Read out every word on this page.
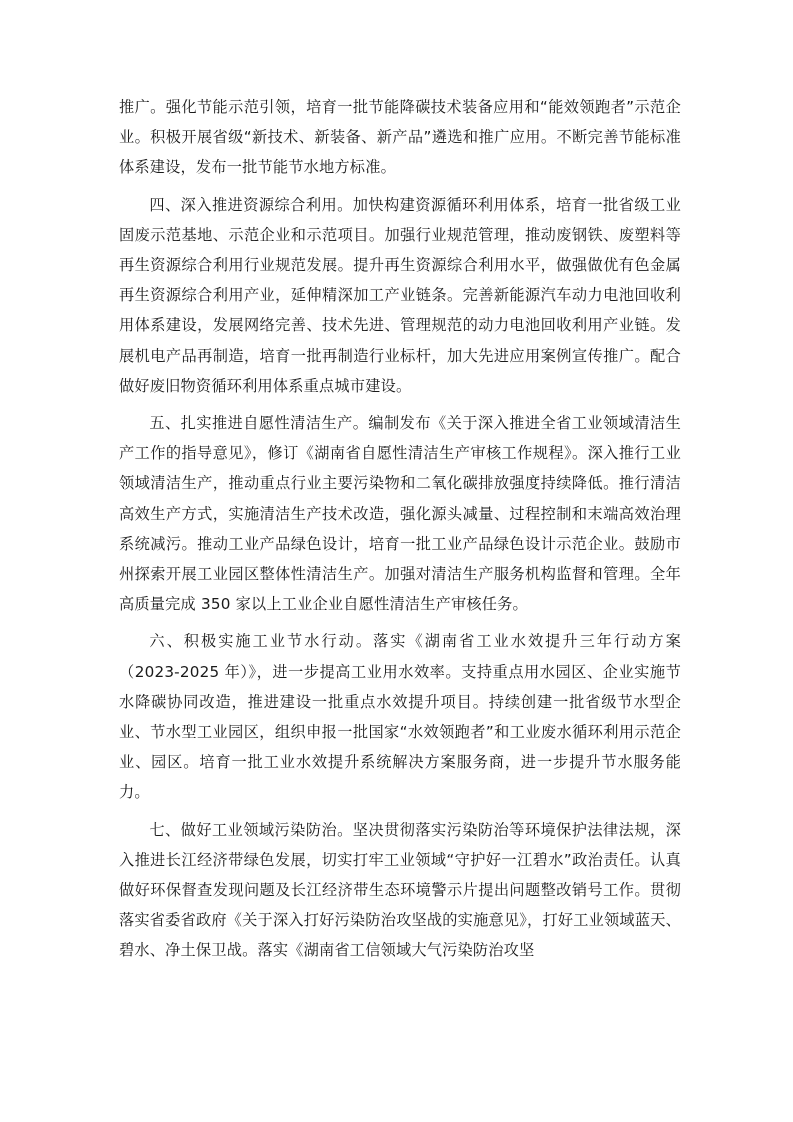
推广。强化节能示范引领，培育一批节能降碳技术装备应用和“能效领跑者”示范企业。积极开展省级“新技术、新装备、新产品”遴选和推广应用。不断完善节能标准体系建设，发布一批节能节水地方标准。

四、深入推进资源综合利用。加快构建资源循环利用体系，培育一批省级工业固废示范基地、示范企业和示范项目。加强行业规范管理，推动废钢铁、废塑料等再生资源综合利用行业规范发展。提升再生资源综合利用水平，做强做优有色金属再生资源综合利用产业，延伸精深加工产业链条。完善新能源汽车动力电池回收利用体系建设，发展网络完善、技术先进、管理规范的动力电池回收利用产业链。发展机电产品再制造，培育一批再制造行业标杆，加大先进应用案例宣传推广。配合做好废旧物资循环利用体系重点城市建设。

五、扎实推进自愿性清洁生产。编制发布《关于深入推进全省工业领域清洁生产工作的指导意见》，修订《湖南省自愿性清洁生产审核工作规程》。深入推行工业领域清洁生产，推动重点行业主要污染物和二氧化碳排放强度持续降低。推行清洁高效生产方式，实施清洁生产技术改造，强化源头减量、过程控制和末端高效治理系统减污。推动工业产品绿色设计，培育一批工业产品绿色设计示范企业。鼓励市州探索开展工业园区整体性清洁生产。加强对清洁生产服务机构监督和管理。全年高质量完成 350 家以上工业企业自愿性清洁生产审核任务。

六、积极实施工业节水行动。落实《湖南省工业水效提升三年行动方案（2023-2025 年）》，进一步提高工业用水效率。支持重点用水园区、企业实施节水降碳协同改造，推进建设一批重点水效提升项目。持续创建一批省级节水型企业、节水型工业园区，组织申报一批国家“水效领跑者”和工业废水循环利用示范企业、园区。培育一批工业水效提升系统解决方案服务商，进一步提升节水服务能力。

七、做好工业领域污染防治。坚决贯彻落实污染防治等环境保护法律法规，深入推进长江经济带绿色发展，切实打牢工业领域“守护好一江碧水”政治责任。认真做好环保督查发现问题及长江经济带生态环境警示片提出问题整改销号工作。贯彻落实省委省政府《关于深入打好污染防治攻坚战的实施意见》，打好工业领域蓝天、碧水、净土保卫战。落实《湖南省工信领域大气污染防治攻坚
